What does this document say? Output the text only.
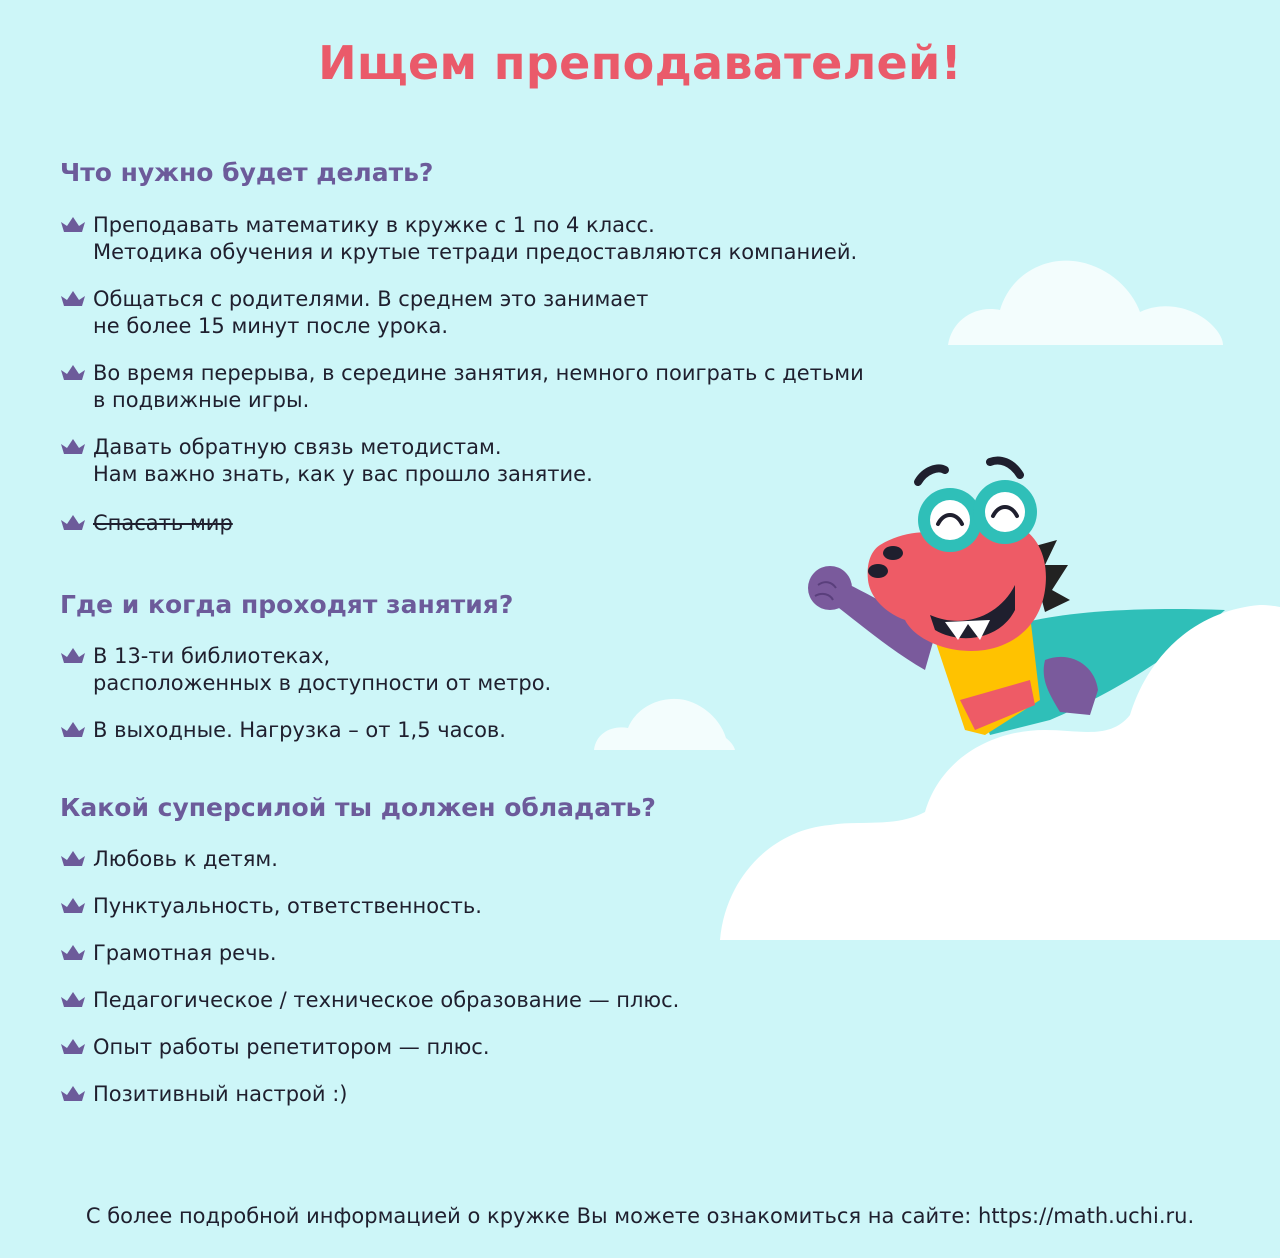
Ищем преподавателей!
Что нужно будет делать?
Преподавать математику в кружке с 1 по 4 класс.
Методика обучения и крутые тетради предоставляются компанией.
Общаться с родителями. В среднем это занимает
не более 15 минут после урока.
Во время перерыва, в середине занятия, немного поиграть с детьми
в подвижные игры.
Давать обратную связь методистам.
Нам важно знать, как у вас прошло занятие.
Спасать мир
Где и когда проходят занятия?
В 13-ти библиотеках,
расположенных в доступности от метро.
В выходные. Нагрузка – от 1,5 часов.
Какой суперсилой ты должен обладать?
Любовь к детям.
Пунктуальность, ответственность.
Грамотная речь.
Педагогическое / техническое образование — плюс.
Опыт работы репетитором — плюс.
Позитивный настрой :)

С более подробной информацией о кружке Вы можете ознакомиться на сайте: https://math.uchi.ru.
